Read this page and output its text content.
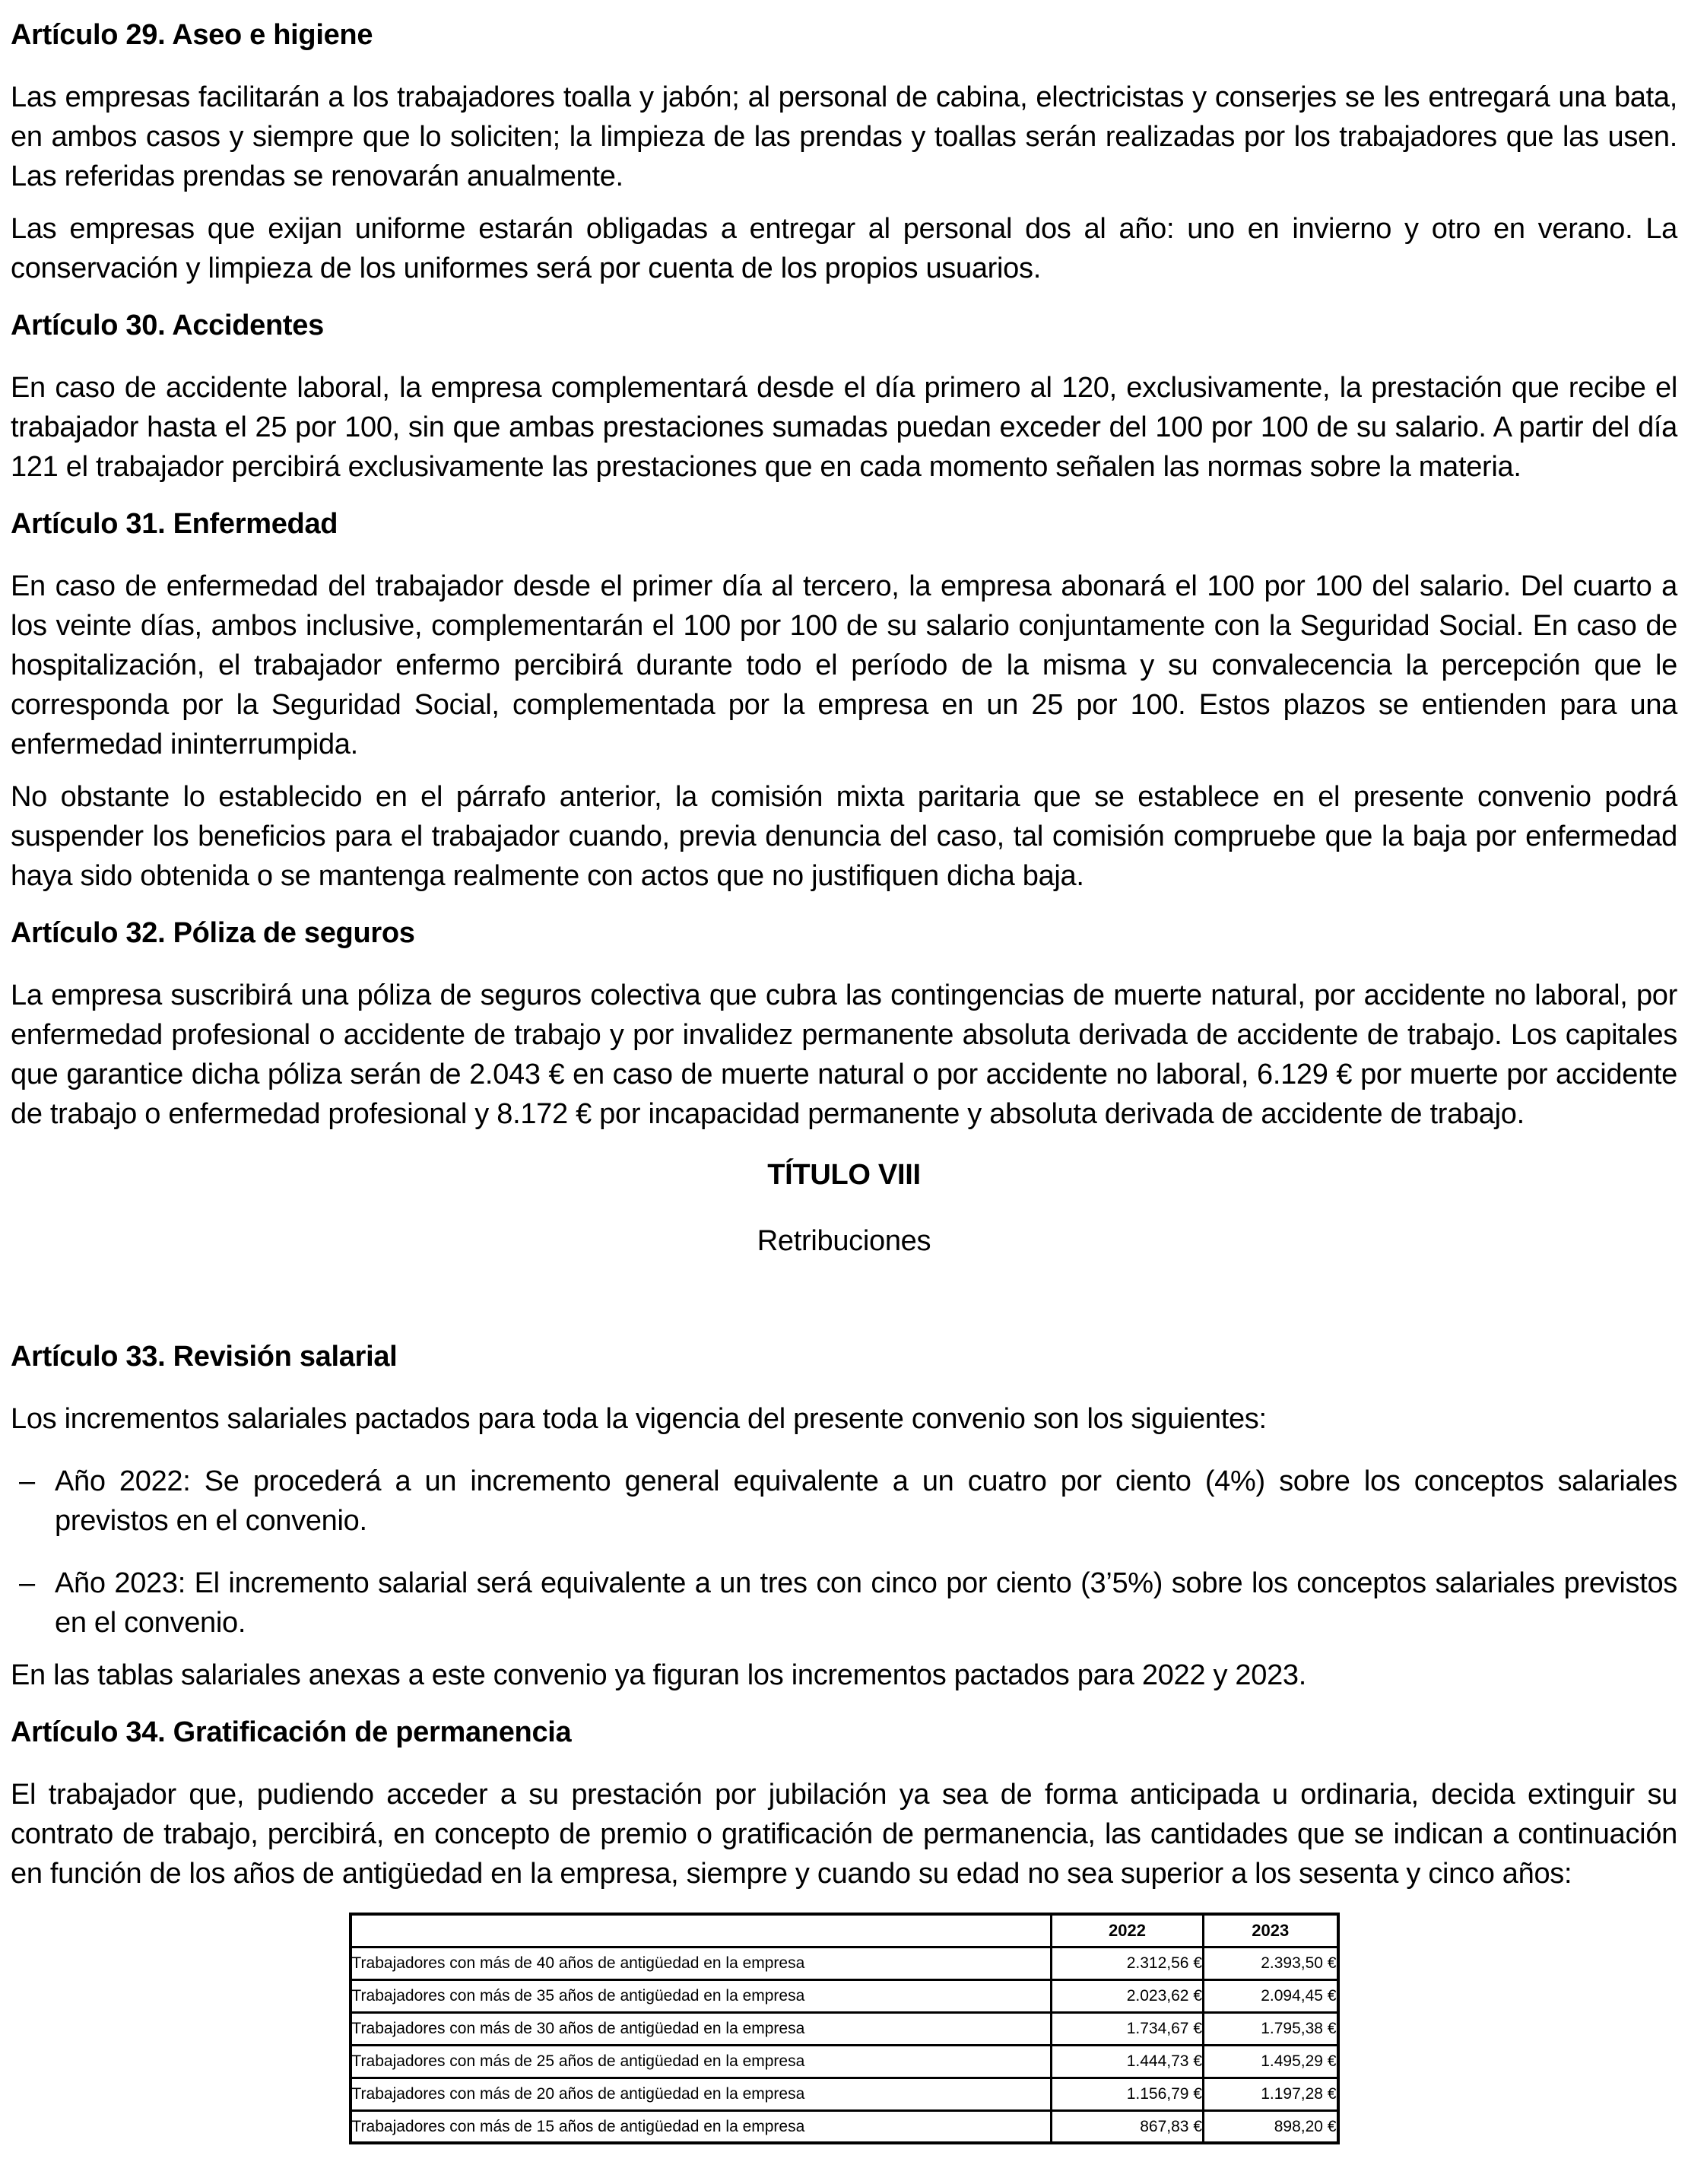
Artículo 29. Aseo e higiene

Las empresas facilitarán a los trabajadores toalla y jabón; al personal de cabina, electricistas y conserjes se les entregará una bata, en ambos casos y siempre que lo soliciten; la limpieza de las prendas y toallas serán realizadas por los trabajadores que las usen. Las referidas prendas se renovarán anualmente.

Las empresas que exijan uniforme estarán obligadas a entregar al personal dos al año: uno en invierno y otro en verano. La conservación y limpieza de los uniformes será por cuenta de los propios usuarios.

Artículo 30. Accidentes

En caso de accidente laboral, la empresa complementará desde el día primero al 120, exclusivamente, la prestación que recibe el trabajador hasta el 25 por 100, sin que ambas prestaciones sumadas puedan exceder del 100 por 100 de su salario. A partir del día 121 el trabajador percibirá exclusivamente las prestaciones que en cada momento señalen las normas sobre la materia.

Artículo 31. Enfermedad

En caso de enfermedad del trabajador desde el primer día al tercero, la empresa abonará el 100 por 100 del salario. Del cuarto a los veinte días, ambos inclusive, complementarán el 100 por 100 de su salario conjuntamente con la Seguridad Social. En caso de hospitalización, el trabajador enfermo percibirá durante todo el período de la misma y su convalecencia la percepción que le corresponda por la Seguridad Social, complementada por la empresa en un 25 por 100. Estos plazos se entienden para una enfermedad ininterrumpida.

No obstante lo establecido en el párrafo anterior, la comisión mixta paritaria que se establece en el presente convenio podrá suspender los beneficios para el trabajador cuando, previa denuncia del caso, tal comisión compruebe que la baja por enfermedad haya sido obtenida o se mantenga realmente con actos que no justifiquen dicha baja.

Artículo 32. Póliza de seguros

La empresa suscribirá una póliza de seguros colectiva que cubra las contingencias de muerte natural, por accidente no laboral, por enfermedad profesional o accidente de trabajo y por invalidez permanente absoluta derivada de accidente de trabajo. Los capitales que garantice dicha póliza serán de 2.043 € en caso de muerte natural o por accidente no laboral, 6.129 € por muerte por accidente de trabajo o enfermedad profesional y 8.172 € por incapacidad permanente y absoluta derivada de accidente de trabajo.

TÍTULO VIII
Retribuciones
Artículo 33. Revisión salarial

Los incrementos salariales pactados para toda la vigencia del presente convenio son los siguientes:

– Año 2022: Se procederá a un incremento general equivalente a un cuatro por ciento (4%) sobre los conceptos salariales previstos en el convenio.
– Año 2023: El incremento salarial será equivalente a un tres con cinco por ciento (3’5%) sobre los conceptos salariales previstos en el convenio.

En las tablas salariales anexas a este convenio ya figuran los incrementos pactados para 2022 y 2023.

Artículo 34. Gratificación de permanencia

El trabajador que, pudiendo acceder a su prestación por jubilación ya sea de forma anticipada u ordinaria, decida extinguir su contrato de trabajo, percibirá, en concepto de premio o gratificación de permanencia, las cantidades que se indican a continuación en función de los años de antigüedad en la empresa, siempre y cuando su edad no sea superior a los sesenta y cinco años:

	2022	2023
Trabajadores con más de 40 años de antigüedad en la empresa	2.312,56 €	2.393,50 €
Trabajadores con más de 35 años de antigüedad en la empresa	2.023,62 €	2.094,45 €
Trabajadores con más de 30 años de antigüedad en la empresa	1.734,67 €	1.795,38 €
Trabajadores con más de 25 años de antigüedad en la empresa	1.444,73 €	1.495,29 €
Trabajadores con más de 20 años de antigüedad en la empresa	1.156,79 €	1.197,28 €
Trabajadores con más de 15 años de antigüedad en la empresa	867,83 €	898,20 €
